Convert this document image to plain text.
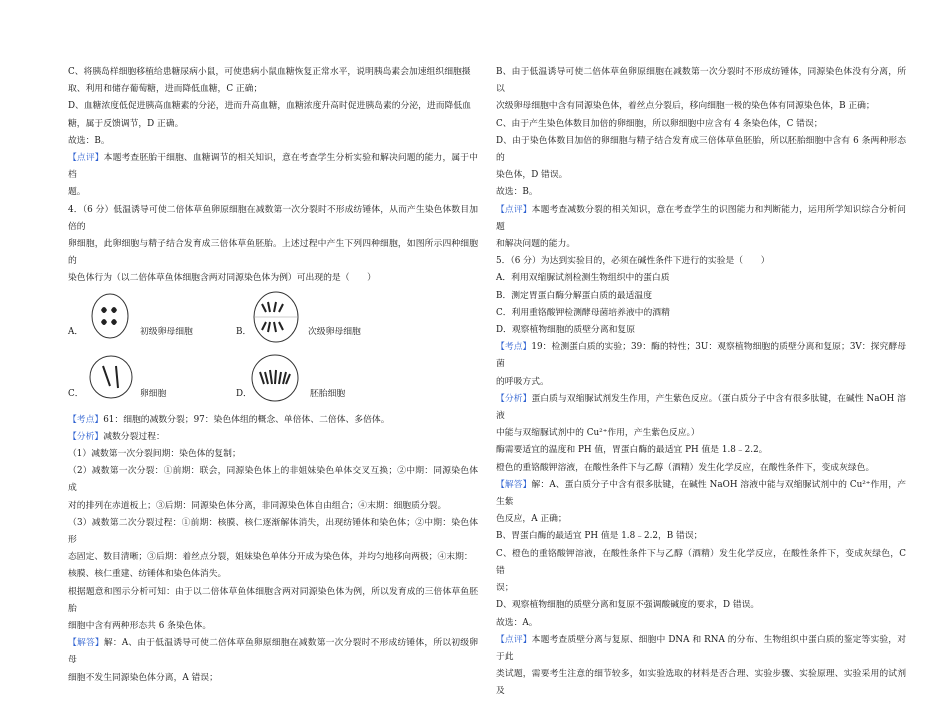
C、将胰岛样细胞移植给患糖尿病小鼠，可使患病小鼠血糖恢复正常水平，说明胰岛素会加速组织细胞摄

取、利用和储存葡萄糖，进而降低血糖，C 正确；

D、血糖浓度低促进胰高血糖素的分泌，进而升高血糖，血糖浓度升高时促进胰岛素的分泌，进而降低血

糖，属于反馈调节，D 正确。

故选：B。

【点评】本题考查胚胎干细胞、血糖调节的相关知识，意在考查学生分析实验和解决问题的能力，属于中档

题。

4．（6 分）低温诱导可使二倍体草鱼卵原细胞在减数第一次分裂时不形成纺锤体，从而产生染色体数目加倍的

卵细胞，此卵细胞与精子结合发育成三倍体草鱼胚胎。上述过程中产生下列四种细胞，如图所示四种细胞的

染色体行为（以二倍体草鱼体细胞含两对同源染色体为例）可出现的是（　　）

A．	初级卵母细胞	B．	次级卵母细胞
C．	卵细胞	D．	胚胎细胞

【考点】61：细胞的减数分裂；97：染色体组的概念、单倍体、二倍体、多倍体。

【分析】减数分裂过程：

（1）减数第一次分裂间期：染色体的复制；

（2）减数第一次分裂：①前期：联会，同源染色体上的非姐妹染色单体交叉互换；②中期：同源染色体成

对的排列在赤道板上；③后期：同源染色体分离，非同源染色体自由组合；④末期：细胞质分裂。

（3）减数第二次分裂过程：①前期：核膜、核仁逐渐解体消失，出现纺锤体和染色体；②中期：染色体形

态固定、数目清晰；③后期：着丝点分裂，姐妹染色单体分开成为染色体，并均匀地移向两极；④末期：

核膜、核仁重建、纺锤体和染色体消失。

根据题意和图示分析可知：由于以二倍体草鱼体细胞含两对同源染色体为例，所以发育成的三倍体草鱼胚胎

细胞中含有两种形态共 6 条染色体。

【解答】解：A、由于低温诱导可使二倍体草鱼卵原细胞在减数第一次分裂时不形成纺锤体，所以初级卵母

细胞不发生同源染色体分离，A 错误；

B、由于低温诱导可使二倍体草鱼卵原细胞在减数第一次分裂时不形成纺锤体，同源染色体没有分离，所以

次级卵母细胞中含有同源染色体，着丝点分裂后，移向细胞一极的染色体有同源染色体，B 正确；

C、由于产生染色体数目加倍的卵细胞，所以卵细胞中应含有 4 条染色体，C 错误；

D、由于染色体数目加倍的卵细胞与精子结合发育成三倍体草鱼胚胎，所以胚胎细胞中含有 6 条两种形态的

染色体，D 错误。

故选：B。

【点评】本题考查减数分裂的相关知识，意在考查学生的识图能力和判断能力，运用所学知识综合分析问题

和解决问题的能力。

5．（6 分）为达到实验目的，必须在碱性条件下进行的实验是（　　）

A．利用双缩脲试剂检测生物组织中的蛋白质

B．测定胃蛋白酶分解蛋白质的最适温度

C．利用重铬酸钾检测酵母菌培养液中的酒精

D．观察植物细胞的质壁分离和复原

【考点】19：检测蛋白质的实验；39：酶的特性；3U：观察植物细胞的质壁分离和复原；3V：探究酵母菌

的呼吸方式。

【分析】蛋白质与双缩脲试剂发生作用，产生紫色反应。（蛋白质分子中含有很多肽键，在碱性 NaOH 溶液

中能与双缩脲试剂中的 Cu²⁺作用，产生紫色反应。）

酶需要适宜的温度和 PH 值，胃蛋白酶的最适宜 PH 值是 1.8﹣2.2。

橙色的重铬酸钾溶液，在酸性条件下与乙醇（酒精）发生化学反应，在酸性条件下，变成灰绿色。

【解答】解：A、蛋白质分子中含有很多肽键，在碱性 NaOH 溶液中能与双缩脲试剂中的 Cu²⁺作用，产生紫

色反应，A 正确；

B、胃蛋白酶的最适宜 PH 值是 1.8﹣2.2，B 错误；

C、橙色的重铬酸钾溶液，在酸性条件下与乙醇（酒精）发生化学反应，在酸性条件下，变成灰绿色，C 错

误；

D、观察植物细胞的质壁分离和复原不强调酸碱度的要求，D 错误。

故选：A。

【点评】本题考查质壁分离与复原、细胞中 DNA 和 RNA 的分布、生物组织中蛋白质的鉴定等实验，对于此

类试题，需要考生注意的细节较多，如实验选取的材料是否合理、实验步骤、实验原理、实验采用的试剂及
